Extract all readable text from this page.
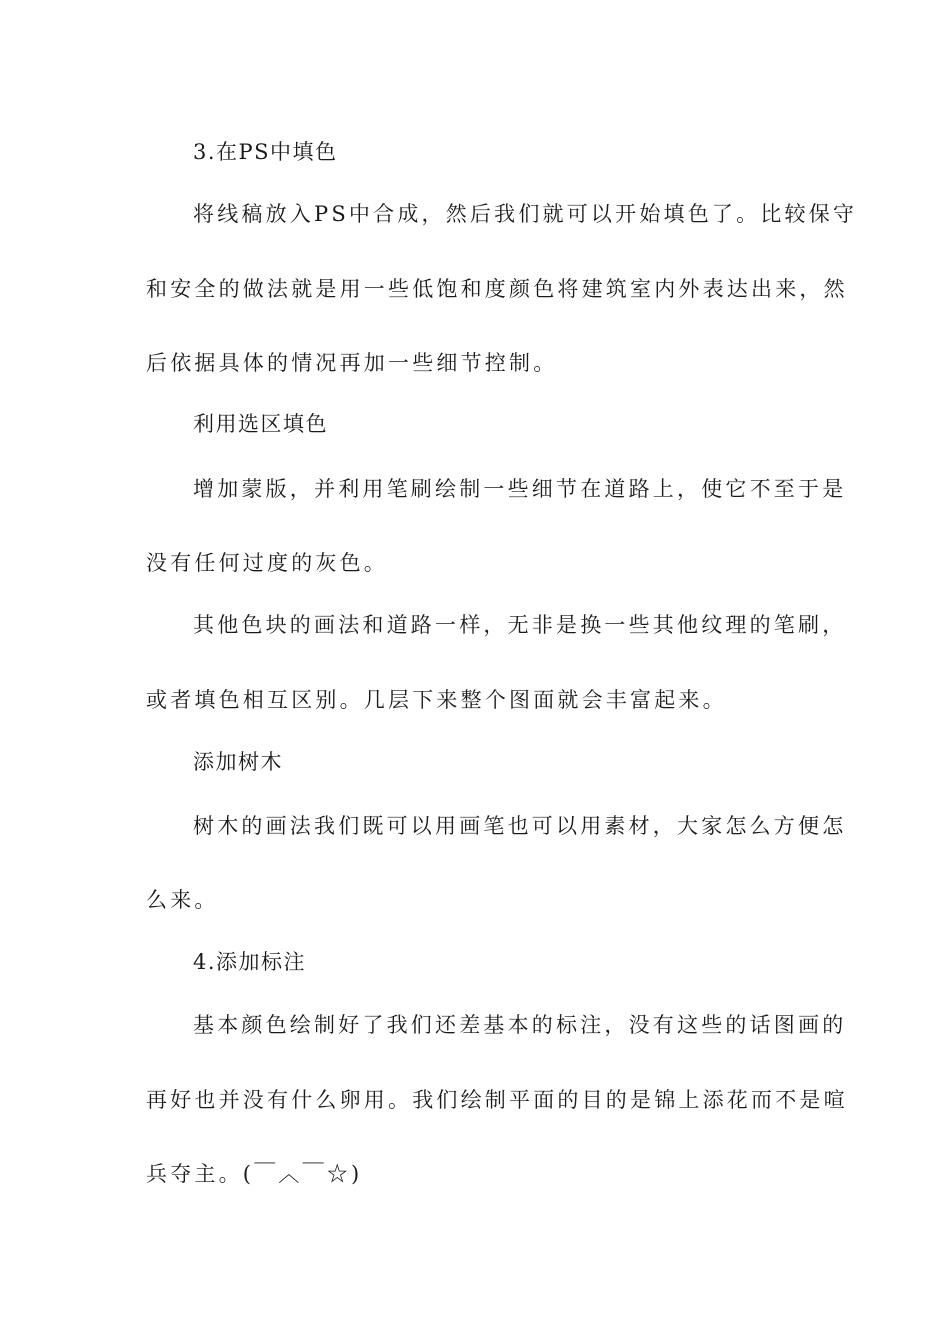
3.在PS中填色
将线稿放入PS中合成，然后我们就可以开始填色了。比较保守
和安全的做法就是用一些低饱和度颜色将建筑室内外表达出来，然
后依据具体的情况再加一些细节控制。
利用选区填色
增加蒙版，并利用笔刷绘制一些细节在道路上，使它不至于是
没有任何过度的灰色。
其他色块的画法和道路一样，无非是换一些其他纹理的笔刷，
或者填色相互区别。几层下来整个图面就会丰富起来。
添加树木
树木的画法我们既可以用画笔也可以用素材，大家怎么方便怎
么来。
4.添加标注
基本颜色绘制好了我们还差基本的标注，没有这些的话图画的
再好也并没有什么卵用。我们绘制平面的目的是锦上添花而不是喧
兵夺主。(￣︿￣☆)
